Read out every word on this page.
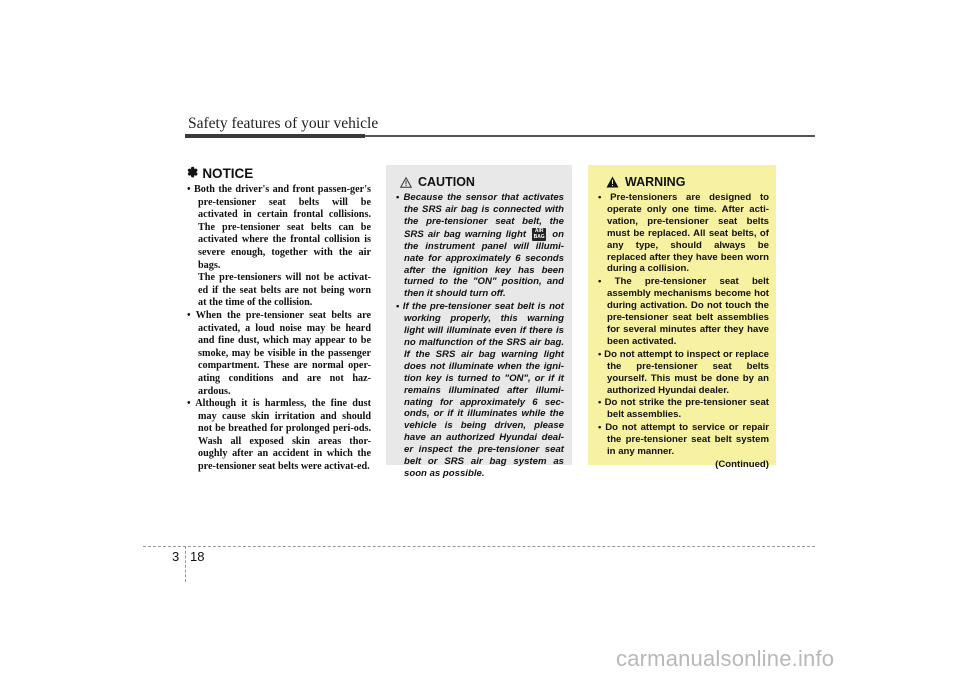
Safety features of your vehicle
✽ NOTICE
• Both the driver's and front passen-ger's pre-tensioner seat belts will be activated in certain frontal collisions. The pre-tensioner seat belts can be activated where the frontal collision is severe enough, together with the air bags.
The pre-tensioners will not be activat-ed if the seat belts are not being worn at the time of the collision.
• When the pre-tensioner seat belts are activated, a loud noise may be heard and fine dust, which may appear to be smoke, may be visible in the passenger compartment. These are normal oper-ating conditions and are not haz-ardous.
• Although it is harmless, the fine dust may cause skin irritation and should not be breathed for prolonged peri-ods. Wash all exposed skin areas thor-oughly after an accident in which the pre-tensioner seat belts were activat-ed.
CAUTION
• Because the sensor that activates the SRS air bag is connected with the pre-tensioner seat belt, the SRS air bag warning light AIR BAG on the instrument panel will illumi-nate for approximately 6 seconds after the ignition key has been turned to the "ON" position, and then it should turn off.
• If the pre-tensioner seat belt is not working properly, this warning light will illuminate even if there is no malfunction of the SRS air bag. If the SRS air bag warning light does not illuminate when the igni-tion key is turned to "ON", or if it remains illuminated after illumi-nating for approximately 6 sec-onds, or if it illuminates while the vehicle is being driven, please have an authorized Hyundai deal-er inspect the pre-tensioner seat belt or SRS air bag system as soon as possible.
WARNING
• Pre-tensioners are designed to operate only one time. After acti-vation, pre-tensioner seat belts must be replaced. All seat belts, of any type, should always be replaced after they have been worn during a collision.
• The pre-tensioner seat belt assembly mechanisms become hot during activation. Do not touch the pre-tensioner seat belt assemblies for several minutes after they have been activated.
• Do not attempt to inspect or replace the pre-tensioner seat belts yourself. This must be done by an authorized Hyundai dealer.
• Do not strike the pre-tensioner seat belt assemblies.
• Do not attempt to service or repair the pre-tensioner seat belt system in any manner.
(Continued)
3 18
carmanualsonline.info
